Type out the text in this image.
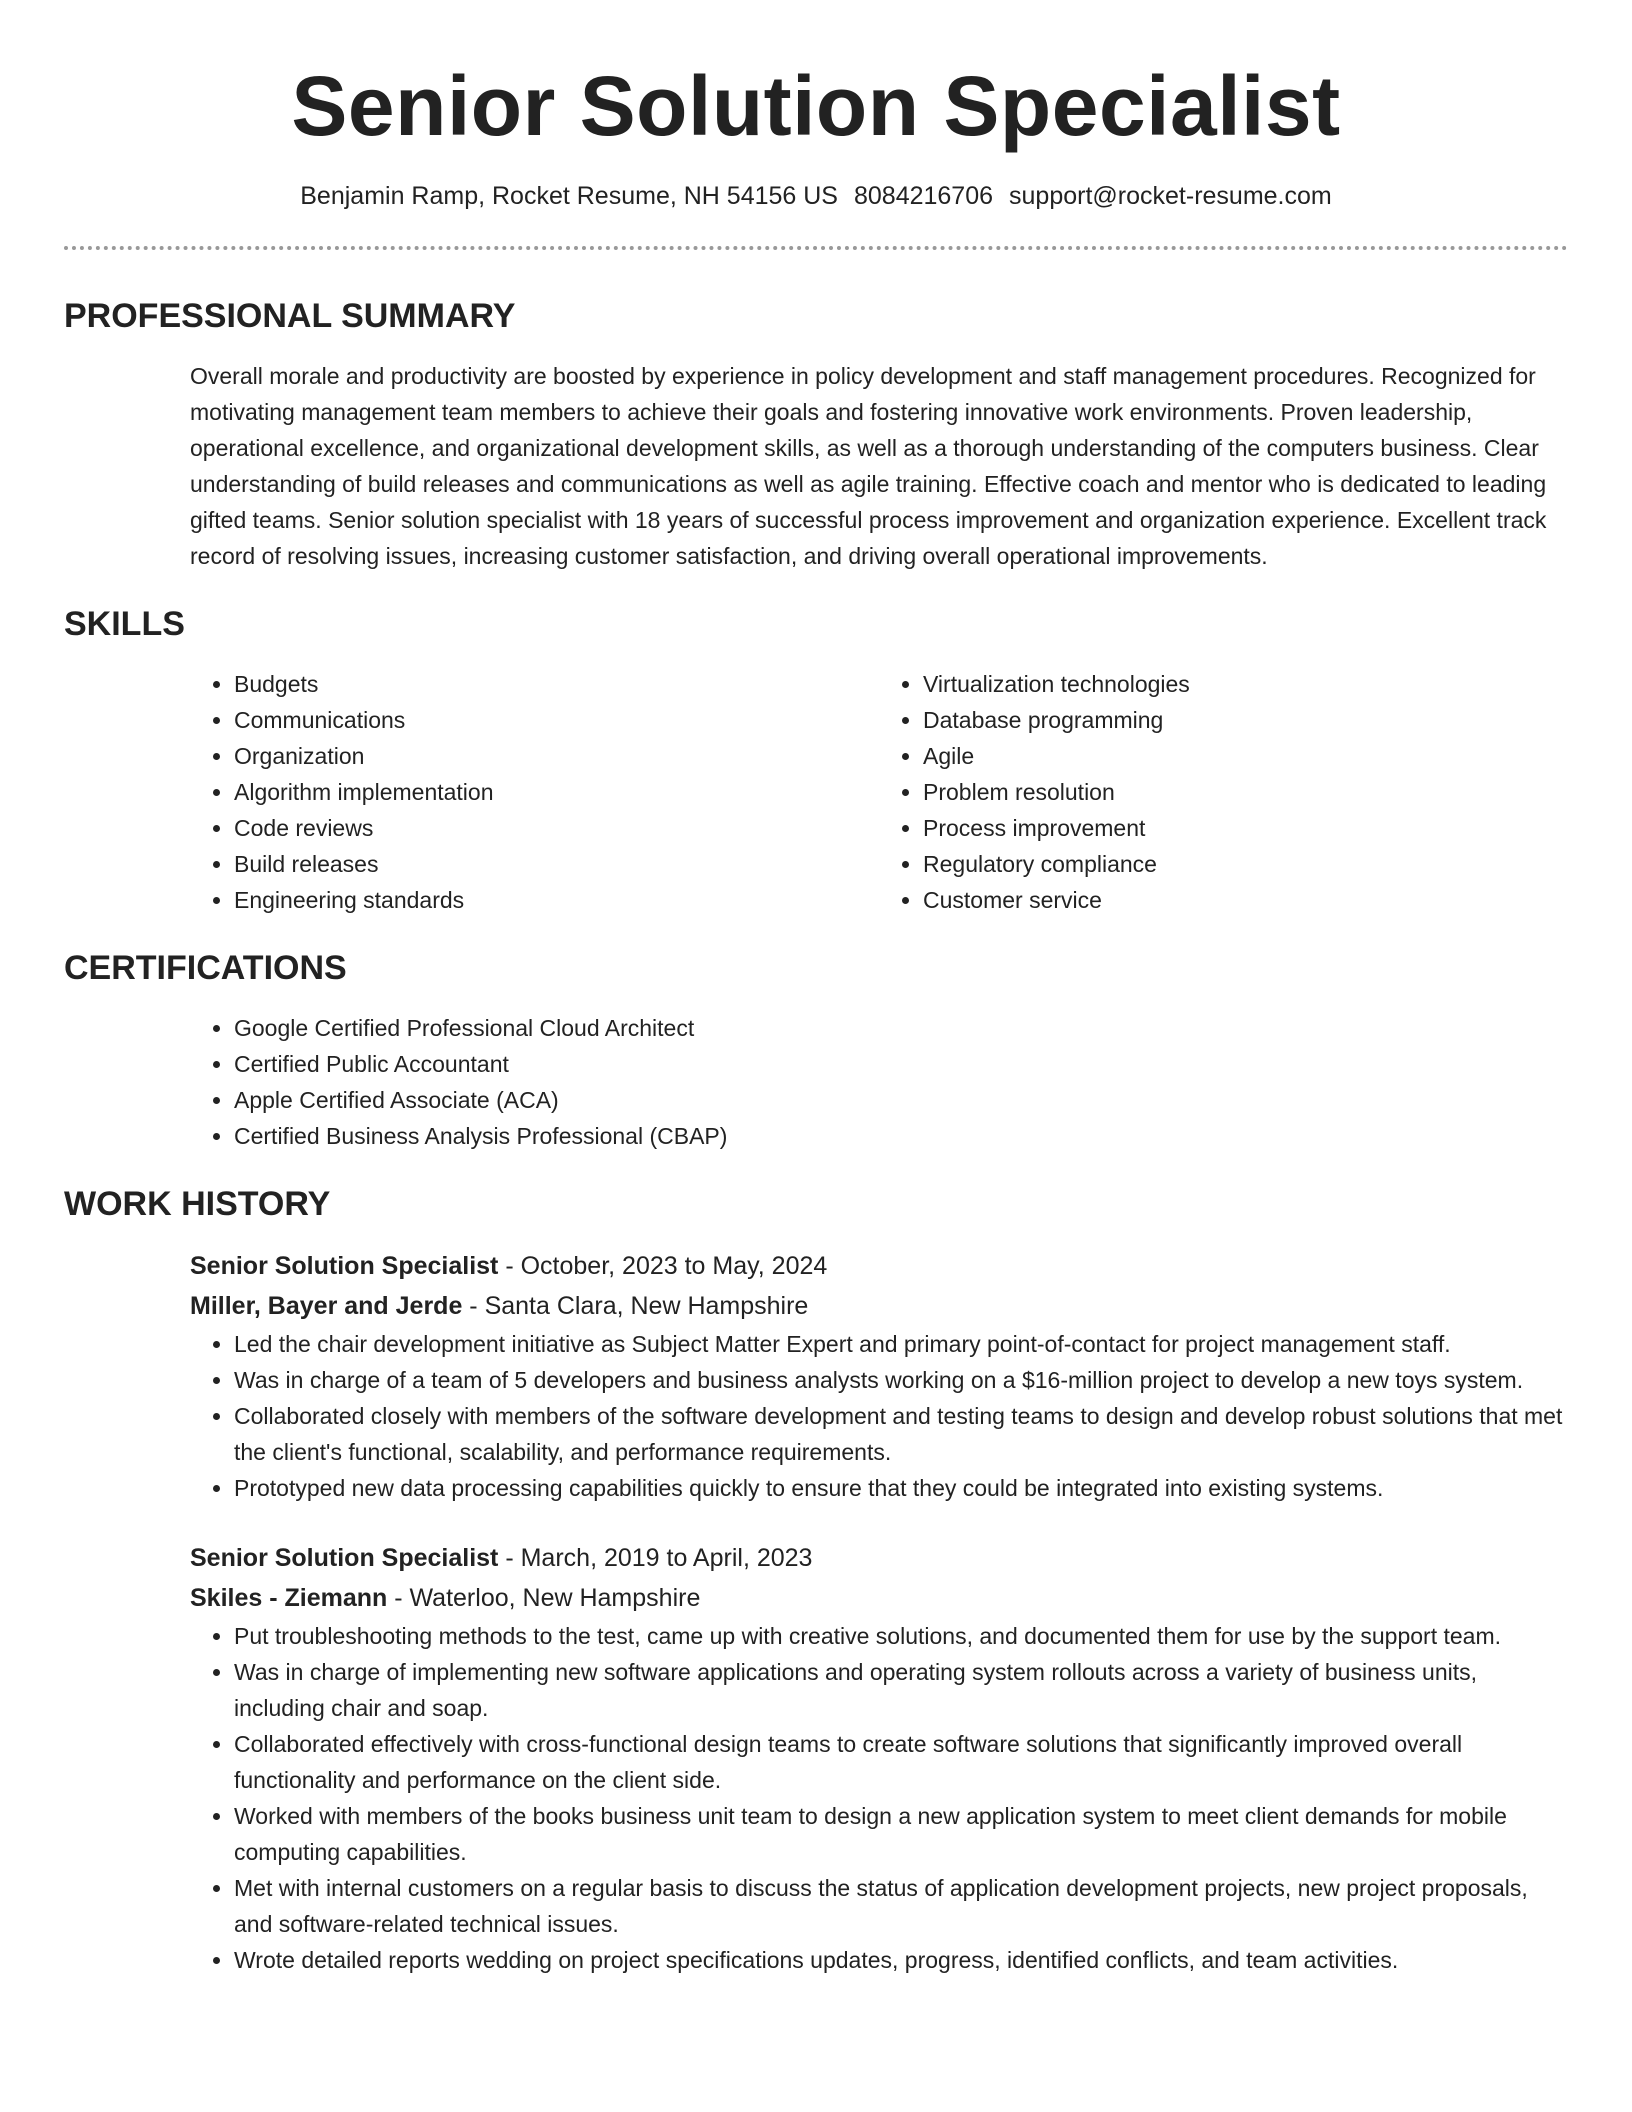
Senior Solution Specialist
Benjamin Ramp, Rocket Resume, NH 54156 US 8084216706 support@rocket-resume.com
PROFESSIONAL SUMMARY
Overall morale and productivity are boosted by experience in policy development and staff management procedures. Recognized for motivating management team members to achieve their goals and fostering innovative work environments. Proven leadership, operational excellence, and organizational development skills, as well as a thorough understanding of the computers business. Clear understanding of build releases and communications as well as agile training. Effective coach and mentor who is dedicated to leading gifted teams. Senior solution specialist with 18 years of successful process improvement and organization experience. Excellent track record of resolving issues, increasing customer satisfaction, and driving overall operational improvements.
SKILLS
• Budgets
• Communications
• Organization
• Algorithm implementation
• Code reviews
• Build releases
• Engineering standards
• Virtualization technologies
• Database programming
• Agile
• Problem resolution
• Process improvement
• Regulatory compliance
• Customer service
CERTIFICATIONS
• Google Certified Professional Cloud Architect
• Certified Public Accountant
• Apple Certified Associate (ACA)
• Certified Business Analysis Professional (CBAP)
WORK HISTORY
Senior Solution Specialist - October, 2023 to May, 2024
Miller, Bayer and Jerde - Santa Clara, New Hampshire
• Led the chair development initiative as Subject Matter Expert and primary point-of-contact for project management staff.
• Was in charge of a team of 5 developers and business analysts working on a $16-million project to develop a new toys system.
• Collaborated closely with members of the software development and testing teams to design and develop robust solutions that met the client's functional, scalability, and performance requirements.
• Prototyped new data processing capabilities quickly to ensure that they could be integrated into existing systems.
Senior Solution Specialist - March, 2019 to April, 2023
Skiles - Ziemann - Waterloo, New Hampshire
• Put troubleshooting methods to the test, came up with creative solutions, and documented them for use by the support team.
• Was in charge of implementing new software applications and operating system rollouts across a variety of business units, including chair and soap.
• Collaborated effectively with cross-functional design teams to create software solutions that significantly improved overall functionality and performance on the client side.
• Worked with members of the books business unit team to design a new application system to meet client demands for mobile computing capabilities.
• Met with internal customers on a regular basis to discuss the status of application development projects, new project proposals, and software-related technical issues.
• Wrote detailed reports wedding on project specifications updates, progress, identified conflicts, and team activities.
